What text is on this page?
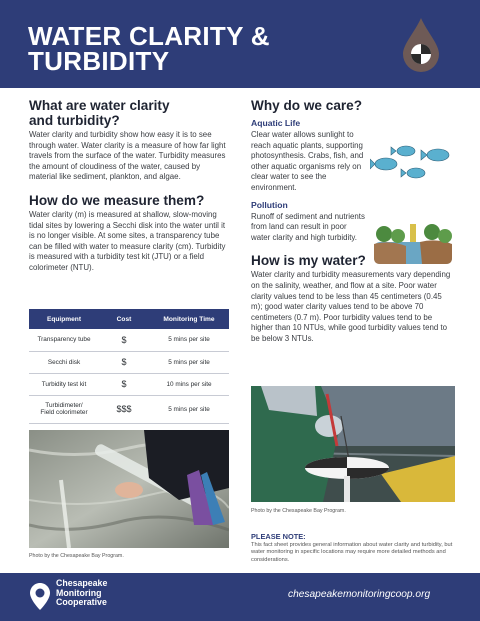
WATER CLARITY &
TURBIDITY
What are water clarity and turbidity?

Water clarity and turbidity show how easy it is to see through water. Water clarity is a measure of how far light travels from the surface of the water. Turbidity measures the amount of cloudiness of the water, caused by material like sediment, plankton, and algae.

How do we measure them?

Water clarity (m) is measured at shallow, slow-moving tidal sites by lowering a Secchi disk into the water until it is no longer visible. At some sites, a transparency tube can be filled with water to measure clarity (cm). Turbidity is measured with a turbidity test kit (JTU) or a field colorimeter (NTU).

Equipment	Cost	Monitoring Time
Transparency tube	$	5 mins per site
Secchi disk	$	5 mins per site
Turbidity test kit	$	10 mins per site

Turbidimeter/
Field colorimeter	$$$	5 mins per site
Photo by the Chesapeake Bay Program.
Why do we care?
Aquatic Life

Clear water allows sunlight to reach aquatic plants, supporting photosynthesis. Crabs, fish, and other aquatic organisms rely on clear water to see the environment.

Pollution

Runoff of sediment and nutrients from land can result in poor water clarity and high turbidity.

How is my water?

Water clarity and turbidity measurements vary depending on the salinity, weather, and flow at a site. Poor water clarity values tend to be less than 45 centimeters (0.45 m); good water clarity values tend to be above 70 centimeters (0.7 m). Poor turbidity values tend to be higher than 10 NTUs, while good turbidity values tend to be below 3 NTUs.

Photo by the Chesapeake Bay Program.
PLEASE NOTE:
This fact sheet provides general information about water clarity and turbidity, but water monitoring in specific locations may require more detailed methods and considerations.
Chesapeake
Monitoring
Cooperative
chesapeakemonitoringcoop.org
